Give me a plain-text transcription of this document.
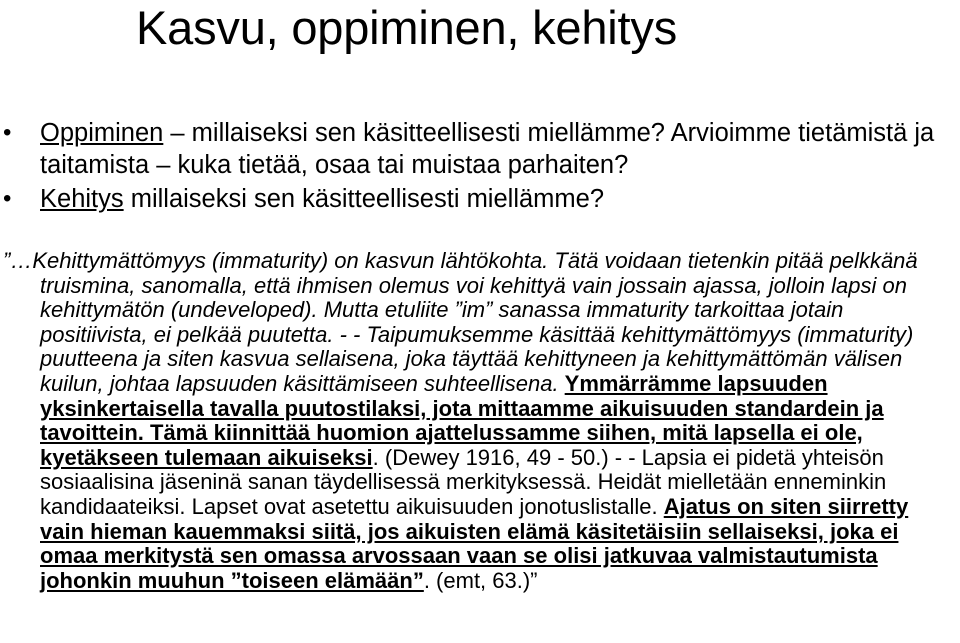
Kasvu, oppiminen, kehitys
• Oppiminen – millaiseksi sen käsitteellisesti miellämme? Arvioimme tietämistä ja taitamista – kuka tietää, osaa tai muistaa parhaiten?
• Kehitys millaiseksi sen käsitteellisesti miellämme?
”…Kehittymättömyys (immaturity) on kasvun lähtökohta. Tätä voidaan tietenkin pitää pelkkänä truismina, sanomalla, että ihmisen olemus voi kehittyä vain jossain ajassa, jolloin lapsi on kehittymätön (undeveloped). Mutta etuliite ”im” sanassa immaturity tarkoittaa jotain positiivista, ei pelkää puutetta. - - Taipumuksemme käsittää kehittymättömyys (immaturity) puutteena ja siten kasvua sellaisena, joka täyttää kehittyneen ja kehittymättömän välisen kuilun, johtaa lapsuuden käsittämiseen suhteellisena. Ymmärrämme lapsuuden yksinkertaisella tavalla puutostilaksi, jota mittaamme aikuisuuden standardein ja tavoittein. Tämä kiinnittää huomion ajattelussamme siihen, mitä lapsella ei ole, kyetäkseen tulemaan aikuiseksi. (Dewey 1916, 49 - 50.) - - Lapsia ei pidetä yhteisön sosiaalisina jäseninä sanan täydellisessä merkityksessä. Heidät mielletään enneminkin kandidaateiksi. Lapset ovat asetettu aikuisuuden jonotuslistalle. Ajatus on siten siirretty vain hieman kauemmaksi siitä, jos aikuisten elämä käsitetäisiin sellaiseksi, joka ei omaa merkitystä sen omassa arvossaan vaan se olisi jatkuvaa valmistautumista johonkin muuhun ”toiseen elämään”. (emt, 63.)”
